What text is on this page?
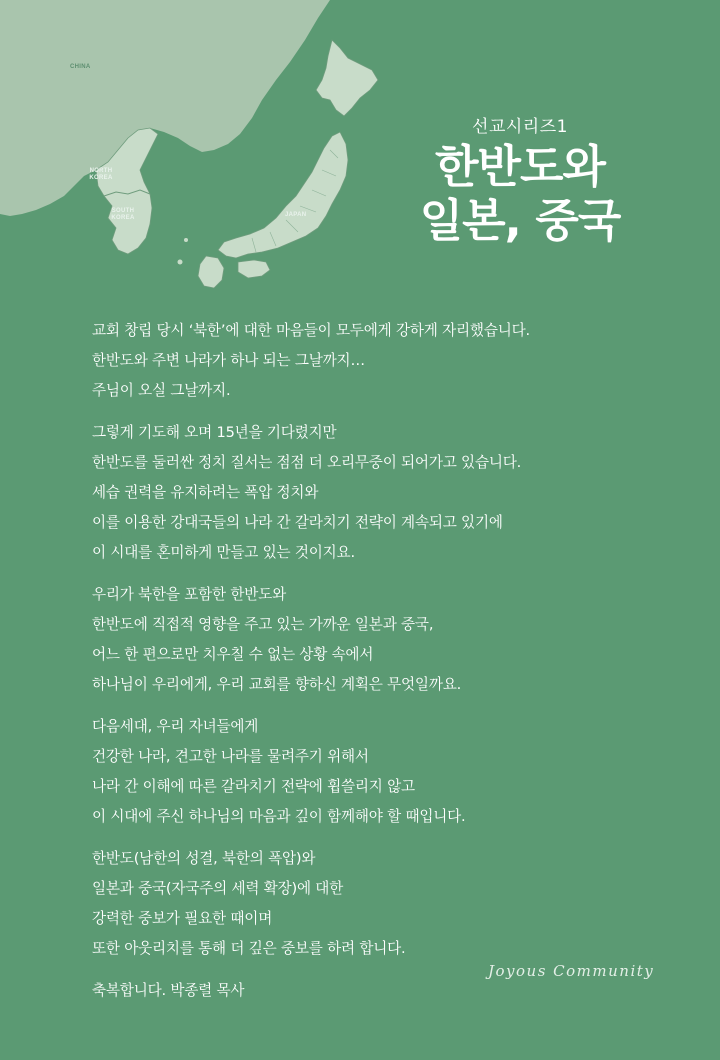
CHINA
NORTH
KOREA
SOUTH
KOREA	JAPAN
선교시리즈1
한반도와
일본, 중국
교회 창립 당시 ‘북한’에 대한 마음들이 모두에게 강하게 자리했습니다.
한반도와 주변 나라가 하나 되는 그날까지…
주님이 오실 그날까지.
그렇게 기도해 오며 15년을 기다렸지만
한반도를 둘러싼 정치 질서는 점점 더 오리무중이 되어가고 있습니다.
세습 권력을 유지하려는 폭압 정치와
이를 이용한 강대국들의 나라 간 갈라치기 전략이 계속되고 있기에
이 시대를 혼미하게 만들고 있는 것이지요.
우리가 북한을 포함한 한반도와
한반도에 직접적 영향을 주고 있는 가까운 일본과 중국,
어느 한 편으로만 치우칠 수 없는 상황 속에서
하나님이 우리에게, 우리 교회를 향하신 계획은 무엇일까요.
다음세대, 우리 자녀들에게
건강한 나라, 견고한 나라를 물려주기 위해서
나라 간 이해에 따른 갈라치기 전략에 휩쓸리지 않고
이 시대에 주신 하나님의 마음과 깊이 함께해야 할 때입니다.
한반도(남한의 성결, 북한의 폭압)와
일본과 중국(자국주의 세력 확장)에 대한
강력한 중보가 필요한 때이며
또한 아웃리치를 통해 더 깊은 중보를 하려 합니다.
축복합니다. 박종렬 목사
Joyous Community
